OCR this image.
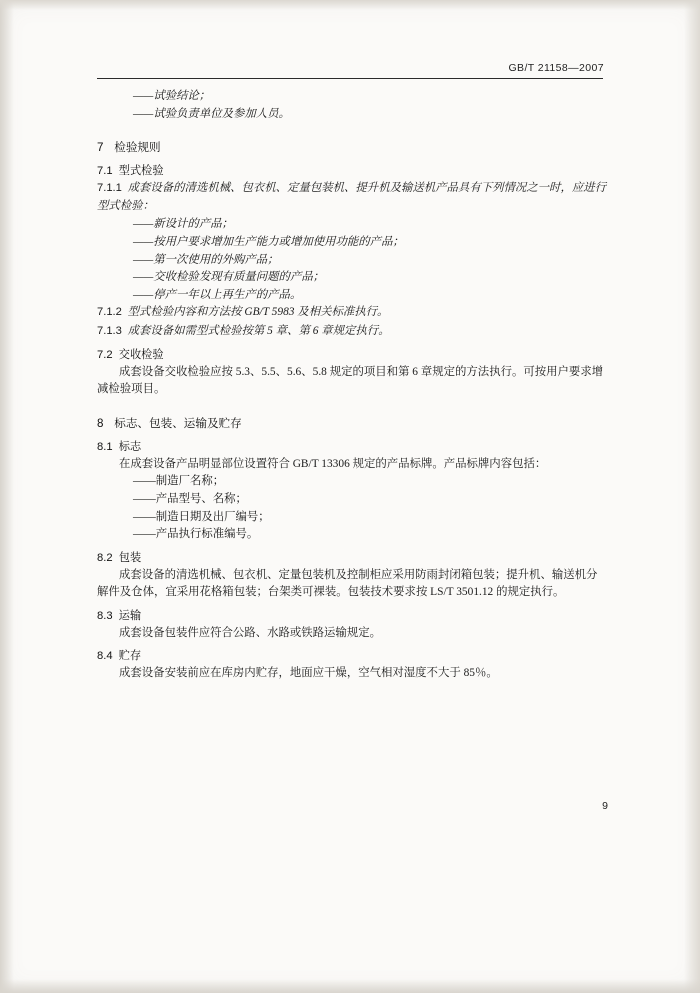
GB/T 21158—2007
——试验结论；
——试验负责单位及参加人员。
7 检验规则
7.1 型式检验
7.1.1 成套设备的清选机械、包衣机、定量包装机、提升机及输送机产品具有下列情况之一时，应进行型式检验：
——新设计的产品；
——按用户要求增加生产能力或增加使用功能的产品；
——第一次使用的外购产品；
——交收检验发现有质量问题的产品；
——停产一年以上再生产的产品。
7.1.2 型式检验内容和方法按 GB/T 5983 及相关标准执行。
7.1.3 成套设备如需型式检验按第 5 章、第 6 章规定执行。
7.2 交收检验
成套设备交收检验应按 5.3、5.5、5.6、5.8 规定的项目和第 6 章规定的方法执行。可按用户要求增减检验项目。
8 标志、包装、运输及贮存
8.1 标志
在成套设备产品明显部位设置符合 GB/T 13306 规定的产品标牌。产品标牌内容包括：
——制造厂名称；
——产品型号、名称；
——制造日期及出厂编号；
——产品执行标准编号。
8.2 包装
成套设备的清选机械、包衣机、定量包装机及控制柜应采用防雨封闭箱包装；提升机、输送机分解件及仓体，宜采用花格箱包装；台架类可裸装。包装技术要求按 LS/T 3501.12 的规定执行。
8.3 运输
成套设备包装件应符合公路、水路或铁路运输规定。
8.4 贮存
成套设备安装前应在库房内贮存，地面应干燥，空气相对湿度不大于 85％。
9
